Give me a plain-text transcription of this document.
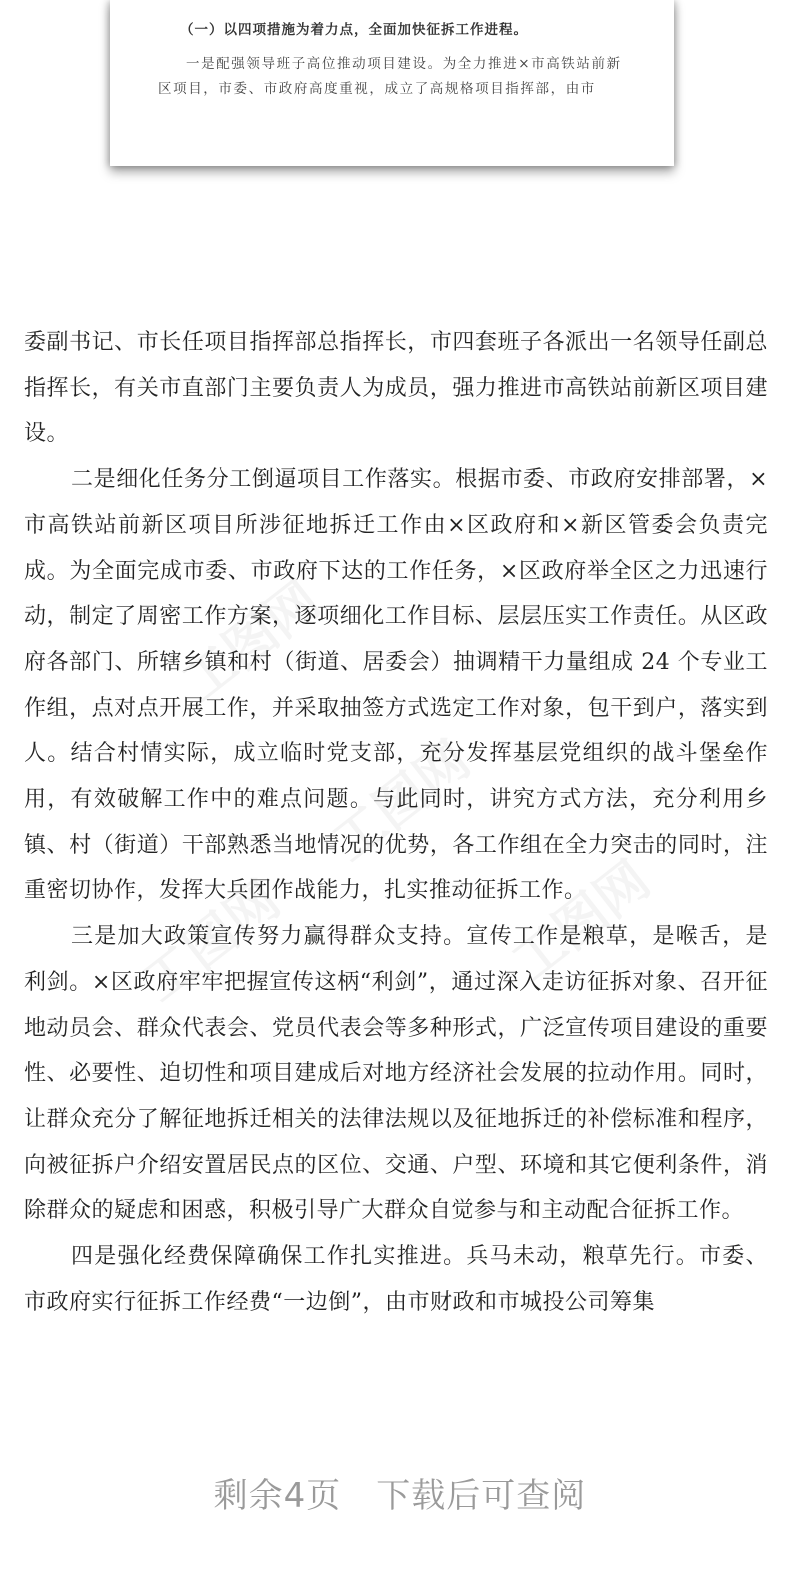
（一）以四项措施为着力点，全面加快征拆工作进程。

一是配强领导班子高位推动项目建设。为全力推进×市高铁站前新区项目，市委、市政府高度重视，成立了高规格项目指挥部，由市

委副书记、市长任项目指挥部总指挥长，市四套班子各派出一名领导任副总指挥长，有关市直部门主要负责人为成员，强力推进市高铁站前新区项目建设。

二是细化任务分工倒逼项目工作落实。根据市委、市政府安排部署，×市高铁站前新区项目所涉征地拆迁工作由×区政府和×新区管委会负责完成。为全面完成市委、市政府下达的工作任务，×区政府举全区之力迅速行动，制定了周密工作方案，逐项细化工作目标、层层压实工作责任。从区政府各部门、所辖乡镇和村（街道、居委会）抽调精干力量组成 24 个专业工作组，点对点开展工作，并采取抽签方式选定工作对象，包干到户，落实到人。结合村情实际，成立临时党支部，充分发挥基层党组织的战斗堡垒作用，有效破解工作中的难点问题。与此同时，讲究方式方法，充分利用乡镇、村（街道）干部熟悉当地情况的优势，各工作组在全力突击的同时，注重密切协作，发挥大兵团作战能力，扎实推动征拆工作。

三是加大政策宣传努力赢得群众支持。宣传工作是粮草，是喉舌，是利剑。×区政府牢牢把握宣传这柄“利剑”，通过深入走访征拆对象、召开征地动员会、群众代表会、党员代表会等多种形式，广泛宣传项目建设的重要性、必要性、迫切性和项目建成后对地方经济社会发展的拉动作用。同时，让群众充分了解征地拆迁相关的法律法规以及征地拆迁的补偿标准和程序，向被征拆户介绍安置居民点的区位、交通、户型、环境和其它便利条件，消除群众的疑虑和困惑，积极引导广大群众自觉参与和主动配合征拆工作。

四是强化经费保障确保工作扎实推进。兵马未动，粮草先行。市委、市政府实行征拆工作经费“一边倒”，由市财政和市城投公司筹集

剩余4页　下载后可查阅
